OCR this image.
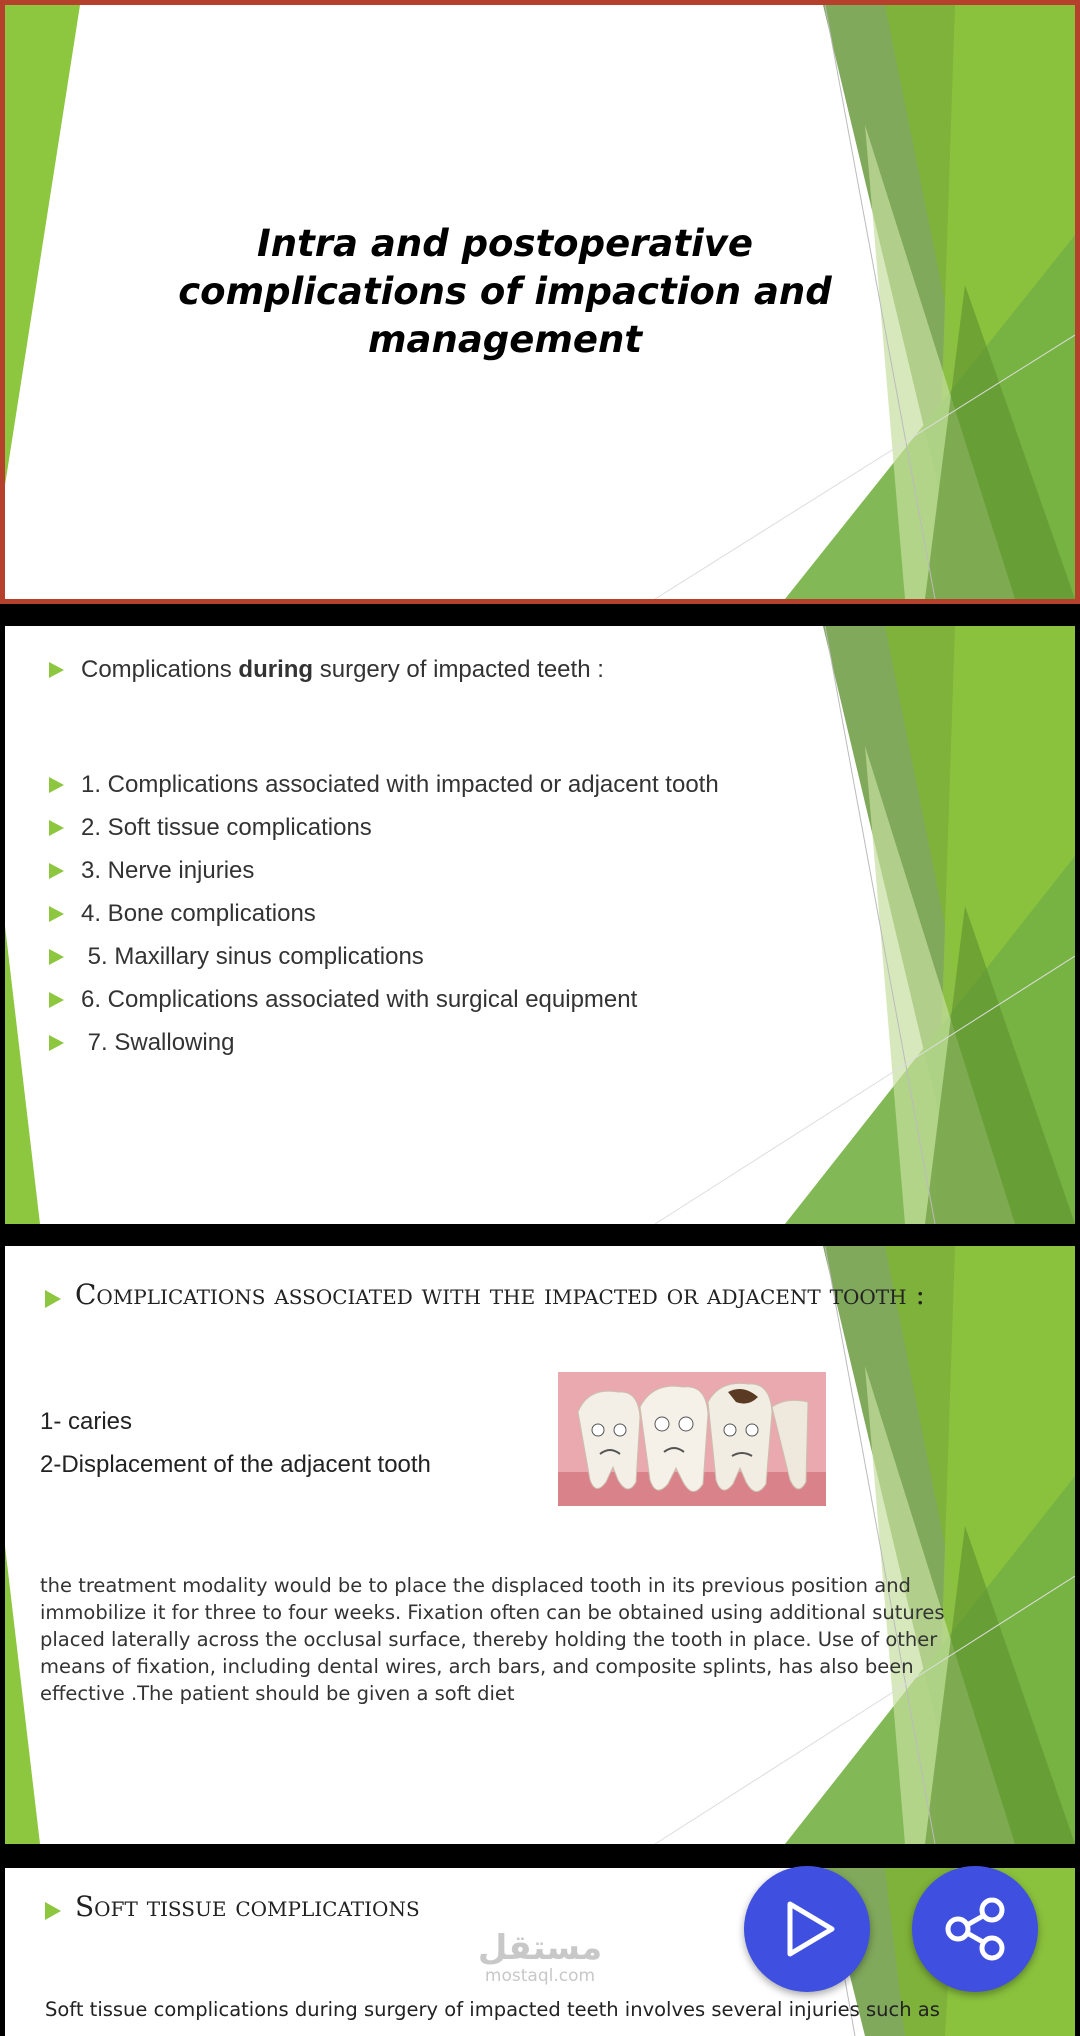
Intra and postoperative complications of impaction and management
Complications during surgery of impacted teeth :
1. Complications associated with impacted or adjacent tooth
2. Soft tissue complications
3. Nerve injuries
4. Bone complications
5. Maxillary sinus complications
6. Complications associated with surgical equipment
7. Swallowing
Complications associated with the impacted or adjacent tooth :
1- caries
2-Displacement of the adjacent tooth
the treatment modality would be to place the displaced tooth in its previous position and immobilize it for three to four weeks. Fixation often can be obtained using additional sutures placed laterally across the occlusal surface, thereby holding the tooth in place. Use of other means of fixation, including dental wires, arch bars, and composite splints, has also been effective .The patient should be given a soft diet
Soft tissue complications
Soft tissue complications during surgery of impacted teeth involves several injuries such as
مستقل
mostaql.com
